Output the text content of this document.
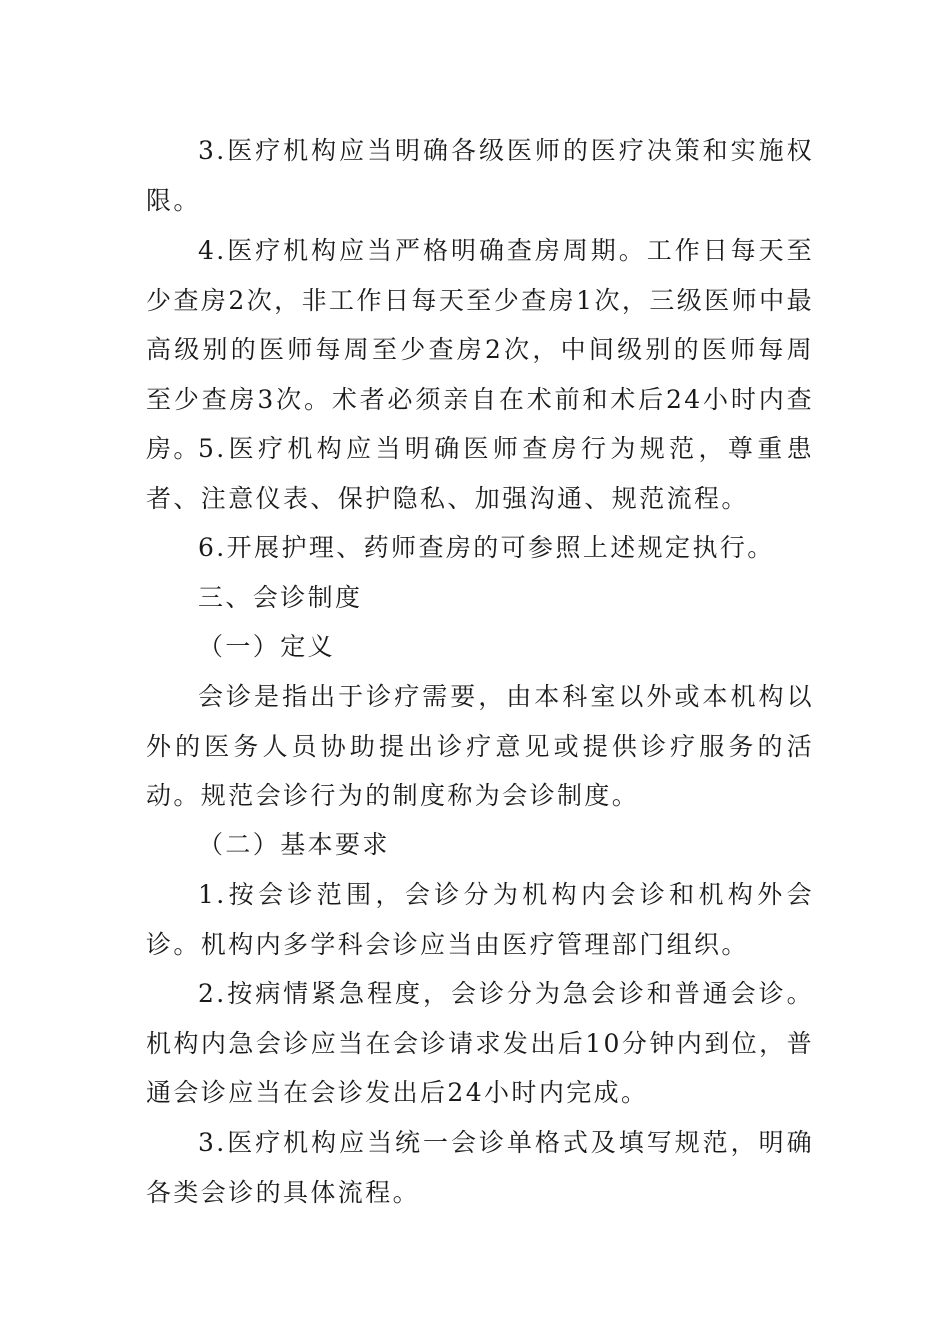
3.医疗机构应当明确各级医师的医疗决策和实施权限。

4.医疗机构应当严格明确查房周期。工作日每天至少查房2次，非工作日每天至少查房1次，三级医师中最高级别的医师每周至少查房2次，中间级别的医师每周至少查房3次。术者必须亲自在术前和术后24小时内查房。

5.医疗机构应当明确医师查房行为规范，尊重患者、注意仪表、保护隐私、加强沟通、规范流程。

6.开展护理、药师查房的可参照上述规定执行。

三、会诊制度

（一）定义

会诊是指出于诊疗需要，由本科室以外或本机构以外的医务人员协助提出诊疗意见或提供诊疗服务的活动。规范会诊行为的制度称为会诊制度。

（二）基本要求

1.按会诊范围，会诊分为机构内会诊和机构外会诊。机构内多学科会诊应当由医疗管理部门组织。

2.按病情紧急程度，会诊分为急会诊和普通会诊。机构内急会诊应当在会诊请求发出后10分钟内到位，普通会诊应当在会诊发出后24小时内完成。

3.医疗机构应当统一会诊单格式及填写规范，明确各类会诊的具体流程。
